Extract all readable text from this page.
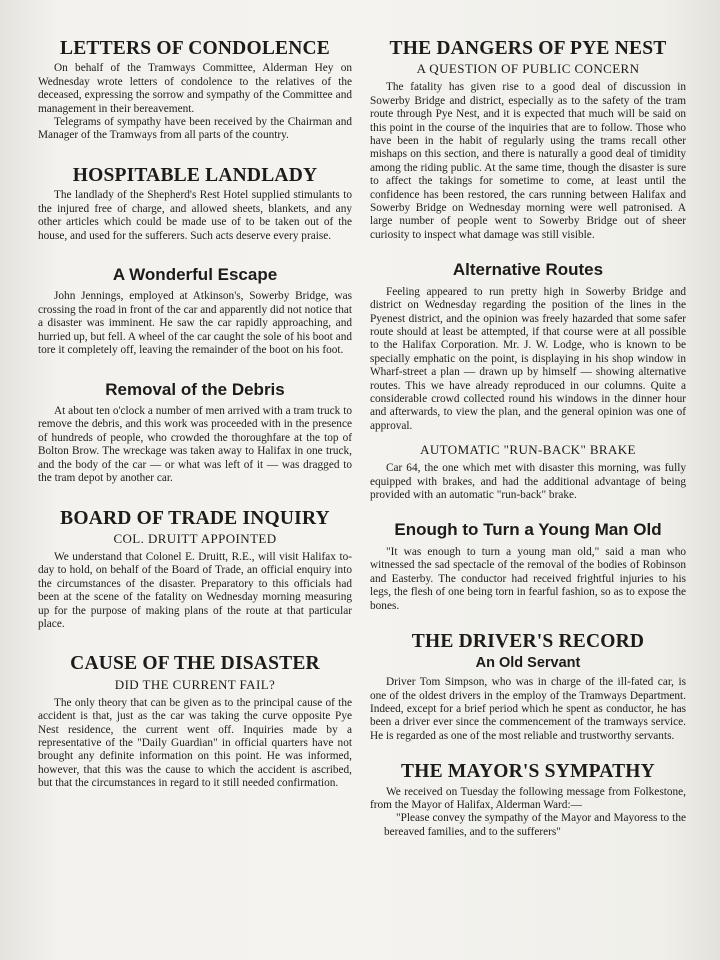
LETTERS OF CONDOLENCE

On behalf of the Tramways Committee, Alderman Hey on Wednesday wrote letters of condolence to the relatives of the deceased, expressing the sorrow and sympathy of the Committee and management in their bereavement.

Telegrams of sympathy have been received by the Chairman and Manager of the Tramways from all parts of the country.

HOSPITABLE LANDLADY

The landlady of the Shepherd's Rest Hotel supplied stimulants to the injured free of charge, and allowed sheets, blankets, and any other articles which could be made use of to be taken out of the house, and used for the sufferers. Such acts deserve every praise.

A Wonderful Escape

John Jennings, employed at Atkinson's, Sowerby Bridge, was crossing the road in front of the car and apparently did not notice that a disaster was imminent. He saw the car rapidly approaching, and hurried up, but fell. A wheel of the car caught the sole of his boot and tore it completely off, leaving the remainder of the boot on his foot.

Removal of the Debris

At about ten o'clock a number of men arrived with a tram truck to remove the debris, and this work was proceeded with in the presence of hundreds of people, who crowded the thoroughfare at the top of Bolton Brow. The wreckage was taken away to Halifax in one truck, and the body of the car — or what was left of it — was dragged to the tram depot by another car.

BOARD OF TRADE INQUIRY
COL. DRUITT APPOINTED

We understand that Colonel E. Druitt, R.E., will visit Halifax to-day to hold, on behalf of the Board of Trade, an official enquiry into the circumstances of the disaster. Preparatory to this officials had been at the scene of the fatality on Wednesday morning measuring up for the purpose of making plans of the route at that particular place.

CAUSE OF THE DISASTER
DID THE CURRENT FAIL?

The only theory that can be given as to the principal cause of the accident is that, just as the car was taking the curve opposite Pye Nest residence, the current went off. Inquiries made by a representative of the "Daily Guardian" in official quarters have not brought any definite information on this point. He was informed, however, that this was the cause to which the accident is ascribed, but that the circumstances in regard to it still needed confirmation.

THE DANGERS OF PYE NEST
A QUESTION OF PUBLIC CONCERN

The fatality has given rise to a good deal of discussion in Sowerby Bridge and district, especially as to the safety of the tram route through Pye Nest, and it is expected that much will be said on this point in the course of the inquiries that are to follow. Those who have been in the habit of regularly using the trams recall other mishaps on this section, and there is naturally a good deal of timidity among the riding public. At the same time, though the disaster is sure to affect the takings for sometime to come, at least until the confidence has been restored, the cars running between Halifax and Sowerby Bridge on Wednesday morning were well patronised. A large number of people went to Sowerby Bridge out of sheer curiosity to inspect what damage was still visible.

Alternative Routes

Feeling appeared to run pretty high in Sowerby Bridge and district on Wednesday regarding the position of the lines in the Pyenest district, and the opinion was freely hazarded that some safer route should at least be attempted, if that course were at all possible to the Halifax Corporation. Mr. J. W. Lodge, who is known to be specially emphatic on the point, is displaying in his shop window in Wharf-street a plan — drawn up by himself — showing alternative routes. This we have already reproduced in our columns. Quite a considerable crowd collected round his windows in the dinner hour and afterwards, to view the plan, and the general opinion was one of approval.

AUTOMATIC "RUN-BACK" BRAKE

Car 64, the one which met with disaster this morning, was fully equipped with brakes, and had the additional advantage of being provided with an automatic "run-back" brake.

Enough to Turn a Young Man Old

"It was enough to turn a young man old," said a man who witnessed the sad spectacle of the removal of the bodies of Robinson and Easterby. The conductor had received frightful injuries to his legs, the flesh of one being torn in fearful fashion, so as to expose the bones.

THE DRIVER'S RECORD
An Old Servant

Driver Tom Simpson, who was in charge of the ill-fated car, is one of the oldest drivers in the employ of the Tramways Department. Indeed, except for a brief period which he spent as conductor, he has been a driver ever since the commencement of the tramways service. He is regarded as one of the most reliable and trustworthy servants.

THE MAYOR'S SYMPATHY

We received on Tuesday the following message from Folkestone, from the Mayor of Halifax, Alderman Ward:—

"Please convey the sympathy of the Mayor and Mayoress to the bereaved families, and to the sufferers"
